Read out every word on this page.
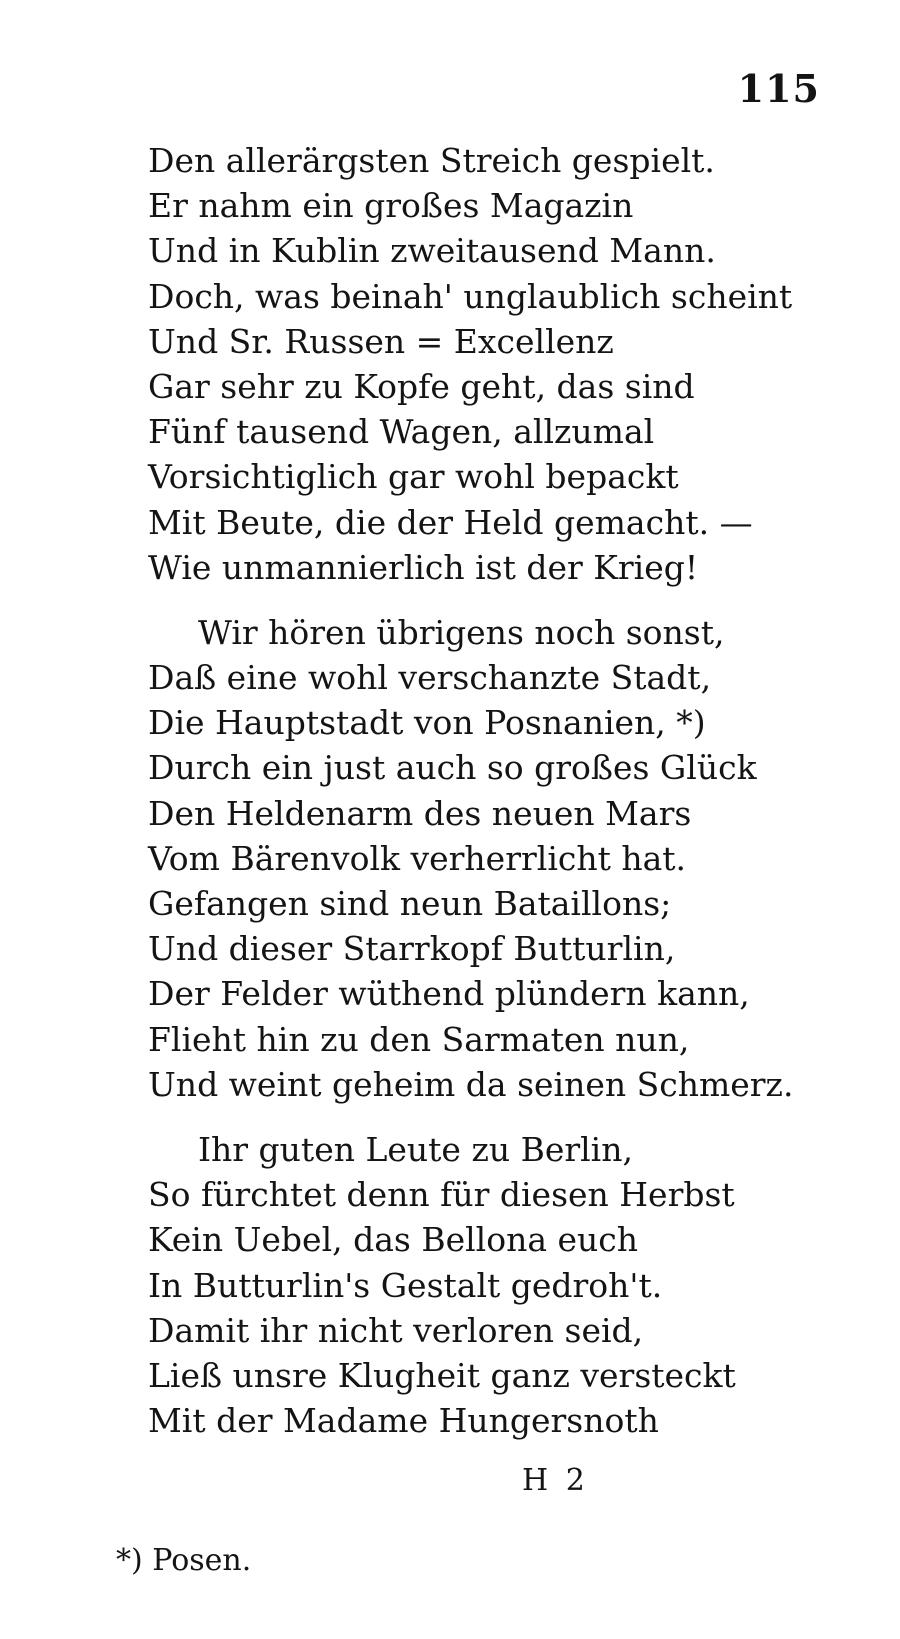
115
Den allerärgsten Streich gespielt.
Er nahm ein großes Magazin
Und in Kublin zweitausend Mann.
Doch, was beinah' unglaublich scheint
Und Sr. Russen = Excellenz
Gar sehr zu Kopfe geht, das sind
Fünf tausend Wagen, allzumal
Vorsichtiglich gar wohl bepackt
Mit Beute, die der Held gemacht. —
Wie unmannierlich ist der Krieg!
Wir hören übrigens noch sonst,
Daß eine wohl verschanzte Stadt,
Die Hauptstadt von Posnanien, *)
Durch ein just auch so großes Glück
Den Heldenarm des neuen Mars
Vom Bärenvolk verherrlicht hat.
Gefangen sind neun Bataillons;
Und dieser Starrkopf Butturlin,
Der Felder wüthend plündern kann,
Flieht hin zu den Sarmaten nun,
Und weint geheim da seinen Schmerz.
Ihr guten Leute zu Berlin,
So fürchtet denn für diesen Herbst
Kein Uebel, das Bellona euch
In Butturlin's Gestalt gedroh't.
Damit ihr nicht verloren seid,
Ließ unsre Klugheit ganz versteckt
Mit der Madame Hungersnoth
H 2
*) Posen.
